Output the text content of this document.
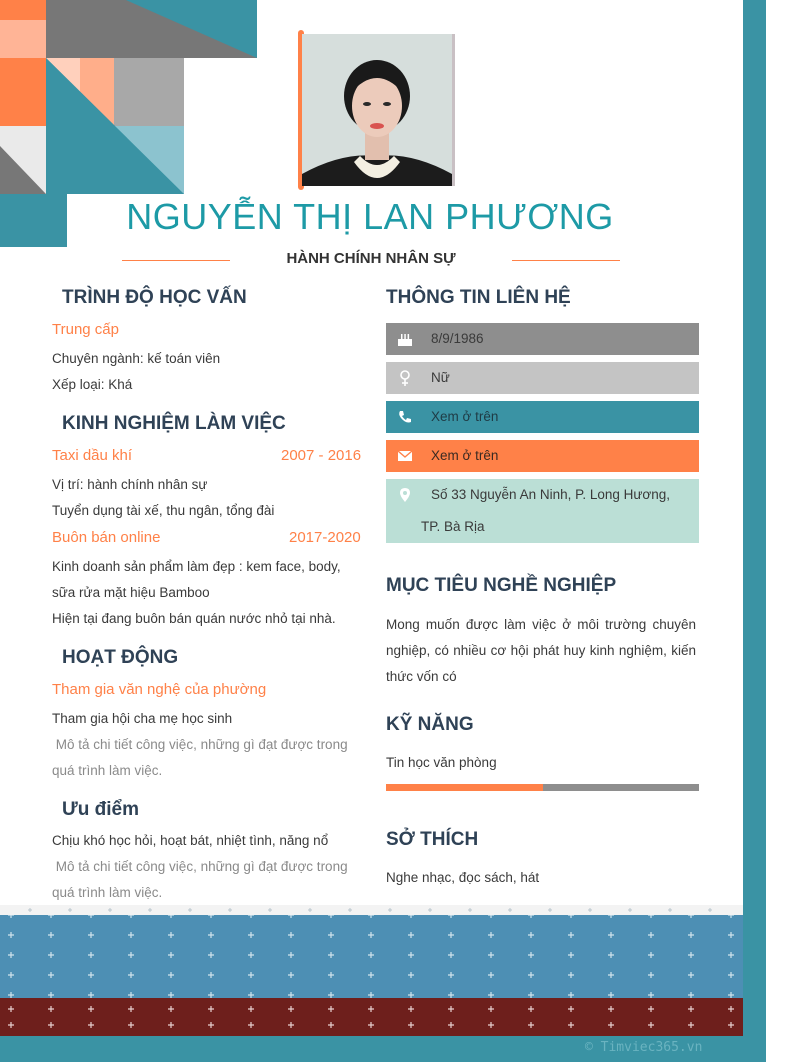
NGUYỄN THỊ LAN PHƯƠNG
HÀNH CHÍNH NHÂN SỰ
TRÌNH ĐỘ HỌC VẤN
Trung cấp
Chuyên ngành: kế toán viên
Xếp loại: Khá
KINH NGHIỆM LÀM VIỆC
Taxi dầu khí	2007 - 2016
Vị trí: hành chính nhân sự
Tuyển dụng tài xế, thu ngân, tổng đài
Buôn bán online	2017-2020
Kinh doanh sản phẩm làm đẹp : kem face, body,
sữa rửa mặt hiệu Bamboo
Hiện tại đang buôn bán quán nước nhỏ tại nhà.
HOẠT ĐỘNG
Tham gia văn nghệ của phường
Tham gia hội cha mẹ học sinh
Mô tả chi tiết công việc, những gì đạt được trong
quá trình làm việc.
Ưu điểm
Chịu khó học hỏi, hoạt bát, nhiệt tình, năng nổ
Mô tả chi tiết công việc, những gì đạt được trong
quá trình làm việc.
THÔNG TIN LIÊN HỆ
8/9/1986
Nữ
Xem ở trên
Xem ở trên
Số 33 Nguyễn An Ninh, P. Long Hương,
TP. Bà Rịa
MỤC TIÊU NGHỀ NGHIỆP
Mong muốn được làm việc ở môi trường chuyên nghiệp, có nhiều cơ hội phát huy kinh nghiệm, kiến thức vốn có
KỸ NĂNG
Tin học văn phòng
SỞ THÍCH
Nghe nhạc, đọc sách, hát
© Timviec365.vn
